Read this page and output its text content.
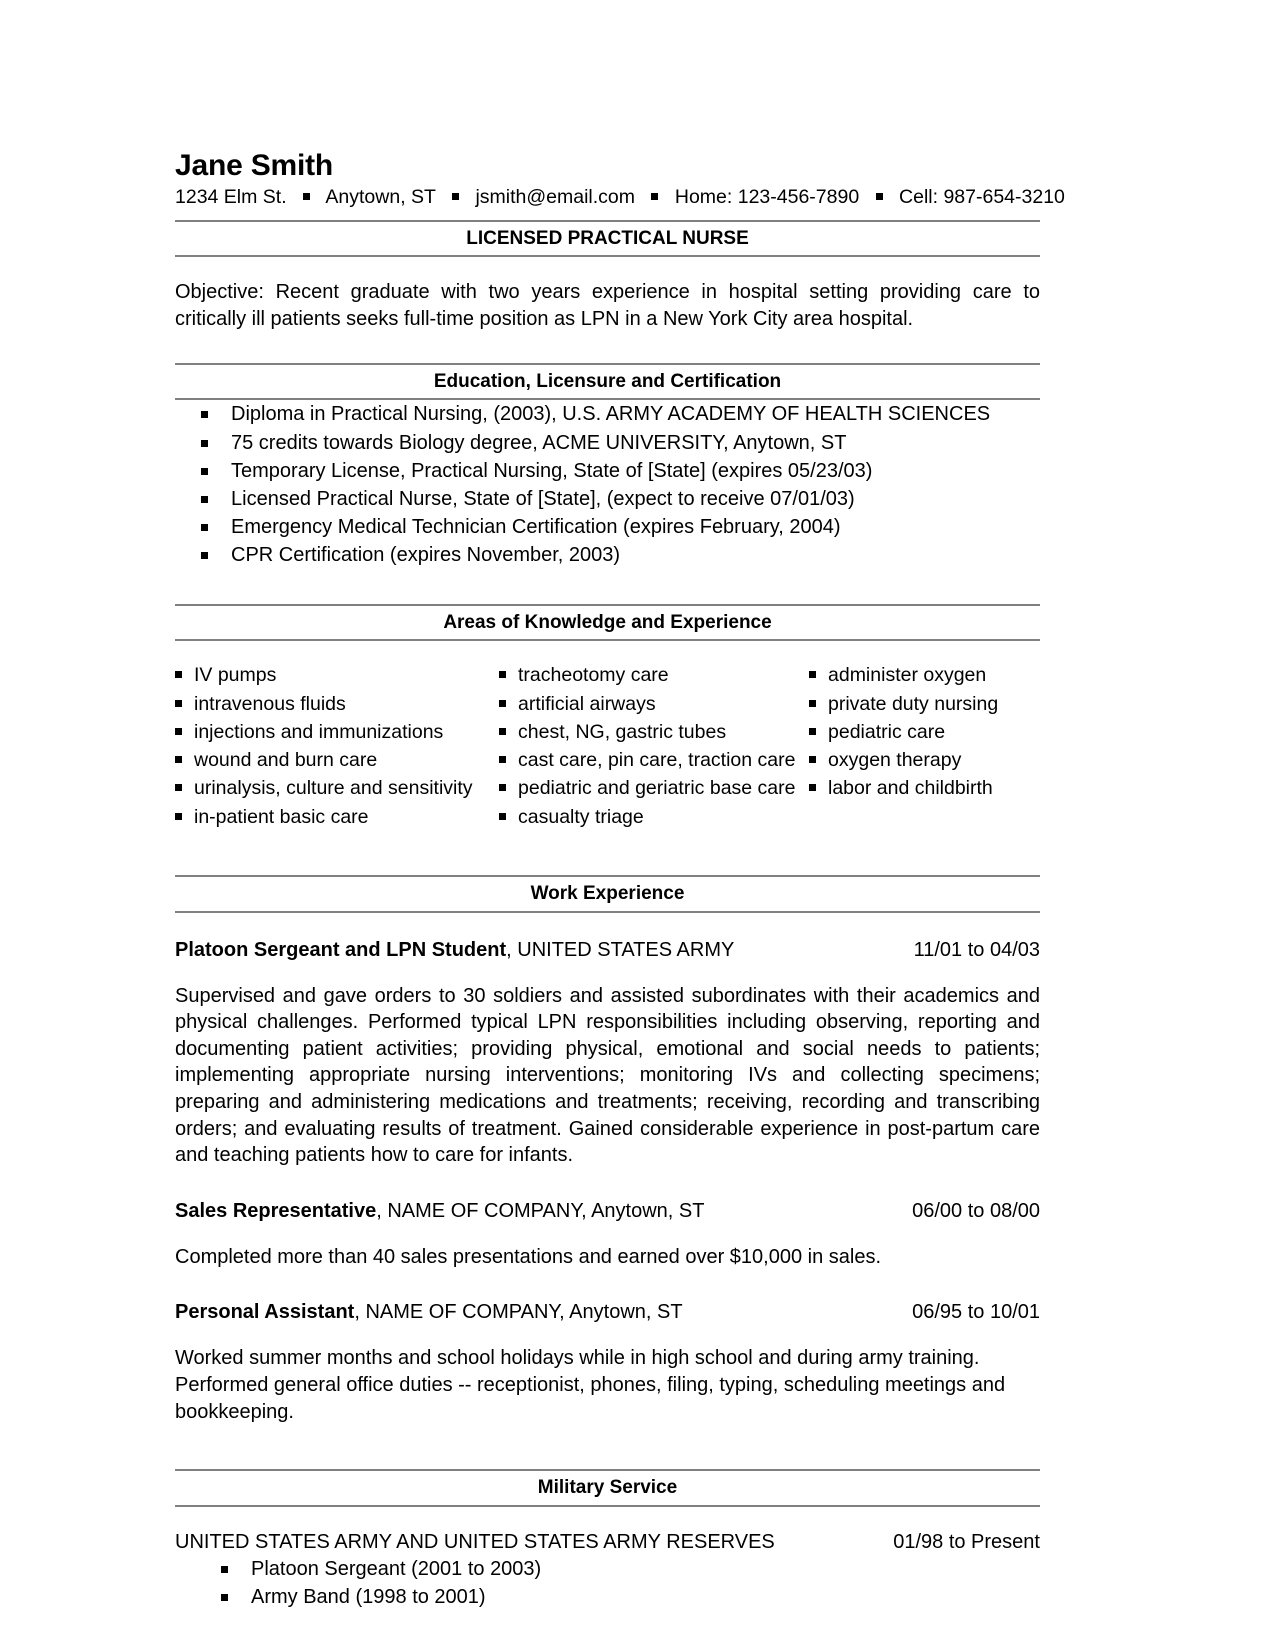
Jane Smith
1234 Elm St. Anytown, ST jsmith@email.com Home: 123-456-7890 Cell: 987-654-3210
LICENSED PRACTICAL NURSE

Objective: Recent graduate with two years experience in hospital setting providing care to critically ill patients seeks full-time position as LPN in a New York City area hospital.

Education, Licensure and Certification
Diploma in Practical Nursing, (2003), U.S. ARMY ACADEMY OF HEALTH SCIENCES
75 credits towards Biology degree, ACME UNIVERSITY, Anytown, ST
Temporary License, Practical Nursing, State of [State] (expires 05/23/03)
Licensed Practical Nurse, State of [State], (expect to receive 07/01/03)
Emergency Medical Technician Certification (expires February, 2004)
CPR Certification (expires November, 2003)
Areas of Knowledge and Experience
IV pumps
intravenous fluids
injections and immunizations
wound and burn care
urinalysis, culture and sensitivity
in-patient basic care
tracheotomy care
artificial airways
chest, NG, gastric tubes
cast care, pin care, traction care
pediatric and geriatric base care
casualty triage
administer oxygen
private duty nursing
pediatric care
oxygen therapy
labor and childbirth
Work Experience
Platoon Sergeant and LPN Student, UNITED STATES ARMY	11/01 to 04/03

Supervised and gave orders to 30 soldiers and assisted subordinates with their academics and physical challenges. Performed typical LPN responsibilities including observing, reporting and documenting patient activities; providing physical, emotional and social needs to patients; implementing appropriate nursing interventions; monitoring IVs and collecting specimens; preparing and administering medications and treatments; receiving, recording and transcribing orders; and evaluating results of treatment. Gained considerable experience in post-partum care and teaching patients how to care for infants.

Sales Representative, NAME OF COMPANY, Anytown, ST	06/00 to 08/00

Completed more than 40 sales presentations and earned over $10,000 in sales.

Personal Assistant, NAME OF COMPANY, Anytown, ST	06/95 to 10/01

Worked summer months and school holidays while in high school and during army training. Performed general office duties -- receptionist, phones, filing, typing, scheduling meetings and bookkeeping.

Military Service
UNITED STATES ARMY AND UNITED STATES ARMY RESERVES	01/98 to Present
Platoon Sergeant (2001 to 2003)
Army Band (1998 to 2001)
